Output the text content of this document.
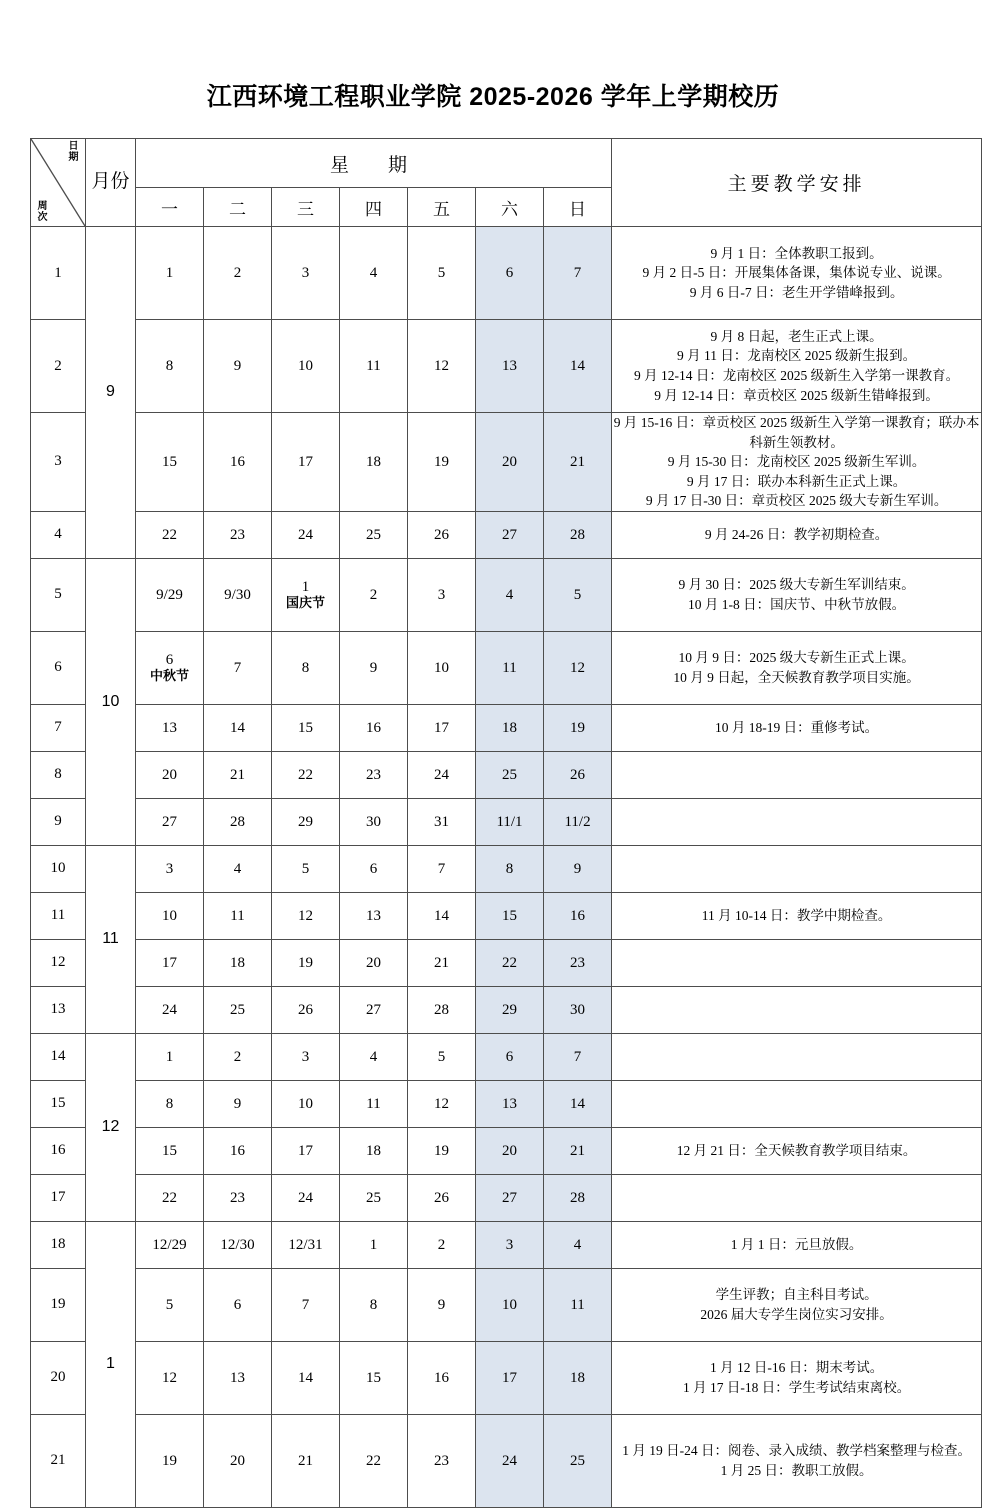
江西环境工程职业学院 2025-2026 学年上学期校历
日期
周次	月份	星　期							主要教学安排
		一	二	三	四	五	六	日	
1	9	1	2	3	4	5	6	7	9 月 1 日：全体教职工报到。
9 月 2 日-5 日：开展集体备课，集体说专业、说课。
9 月 6 日-7 日：老生开学错峰报到。

2		8	9	10	11	12	13	14	9 月 8 日起，老生正式上课。
9 月 11 日：龙南校区 2025 级新生报到。
9 月 12-14 日：龙南校区 2025 级新生入学第一课教育。
9 月 12-14 日：章贡校区 2025 级新生错峰报到。

3		15	16	17	18	19	20	21	9 月 15-16 日：章贡校区 2025 级新生入学第一课教育；联办本科新生领教材。
9 月 15-30 日：龙南校区 2025 级新生军训。
9 月 17 日：联办本科新生正式上课。
9 月 17 日-30 日：章贡校区 2025 级大专新生军训。

4		22	23	24	25	26	27	28	9 月 24-26 日：教学初期检查。

5	10	9/29	9/30	1
国庆节	2	3	4	5	9 月 30 日：2025 级大专新生军训结束。
10 月 1-8 日：国庆节、中秋节放假。

6		6
中秋节	7	8	9	10	11	12	10 月 9 日：2025 级大专新生正式上课。
10 月 9 日起，全天候教育教学项目实施。

7		13	14	15	16	17	18	19	10 月 18-19 日：重修考试。

8		20	21	22	23	24	25	26	
9		27	28	29	30	31	11/1	11/2	
10	11	3	4	5	6	7	8	9	
11		10	11	12	13	14	15	16	11 月 10-14 日：教学中期检查。

12		17	18	19	20	21	22	23	
13		24	25	26	27	28	29	30	
14	12	1	2	3	4	5	6	7	
15		8	9	10	11	12	13	14	
16		15	16	17	18	19	20	21	12 月 21 日：全天候教育教学项目结束。

17		22	23	24	25	26	27	28	
18	1	12/29	12/30	12/31	1	2	3	4	1 月 1 日：元旦放假。

19		5	6	7	8	9	10	11	学生评教；自主科目考试。
2026 届大专学生岗位实习安排。

20		12	13	14	15	16	17	18	1 月 12 日-16 日：期末考试。
1 月 17 日-18 日：学生考试结束离校。

21		19	20	21	22	23	24	25	1 月 19 日-24 日：阅卷、录入成绩、教学档案整理与检查。
1 月 25 日：教职工放假。
